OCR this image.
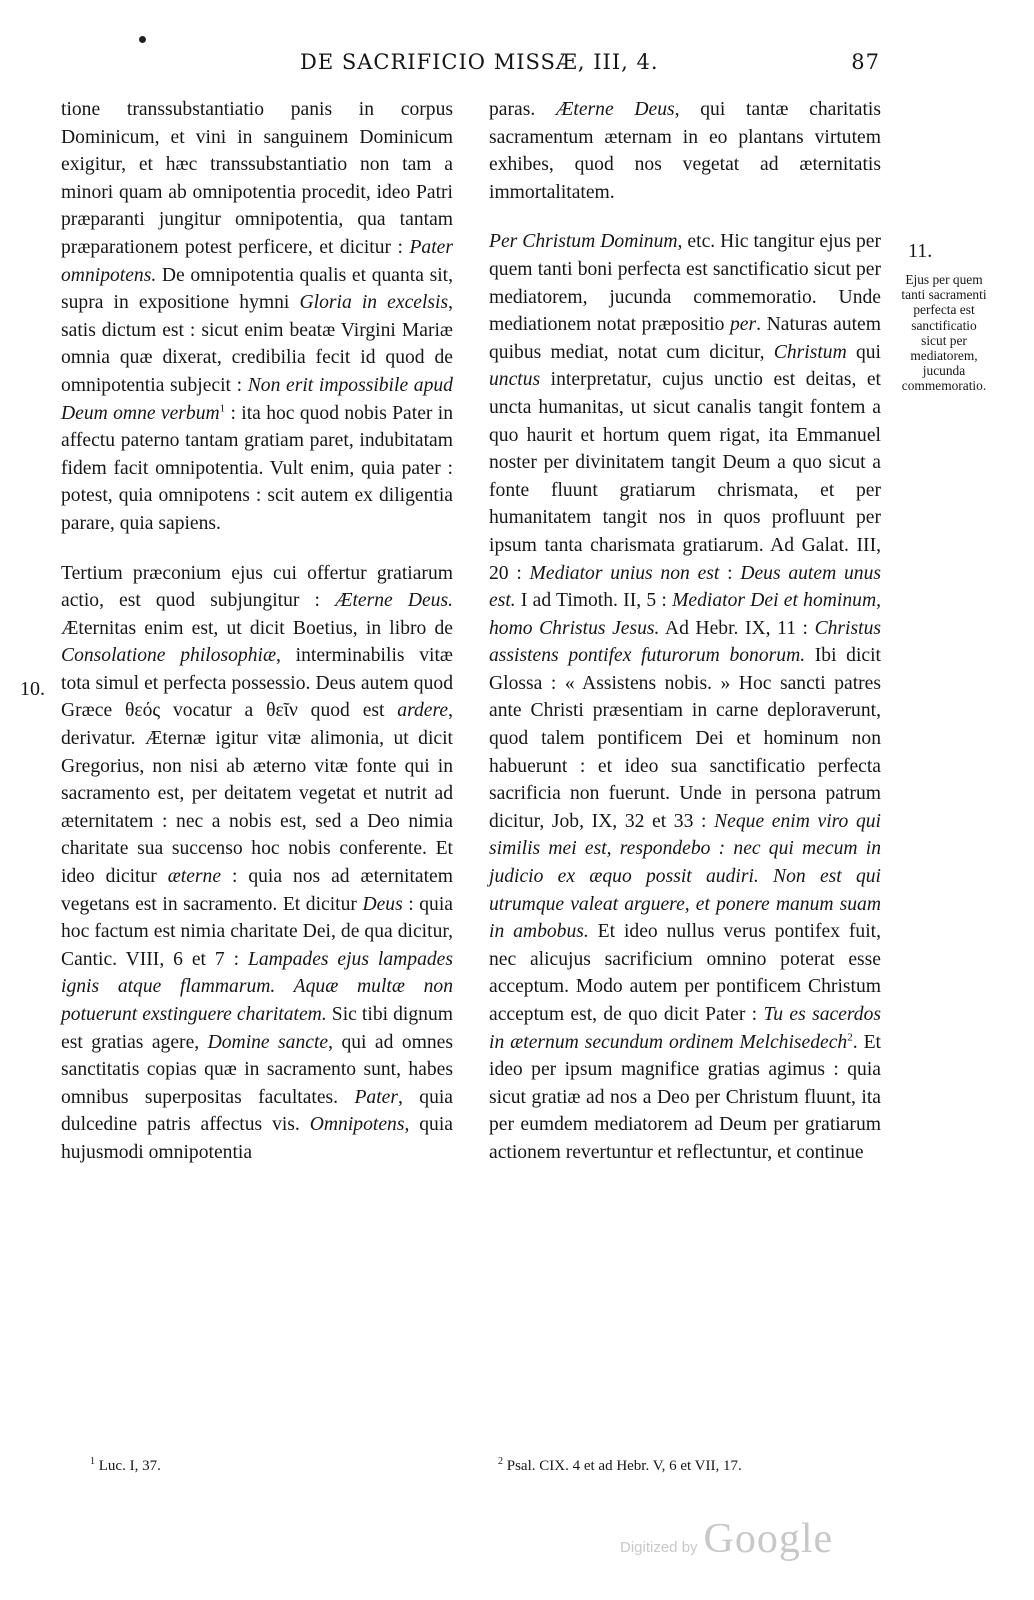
DE SACRIFICIO MISSÆ, III, 4.	87
10.
11.

tione transsubstantiatio panis in corpus Dominicum, et vini in sanguinem Dominicum exigitur, et hæc transsubstantiatio non tam a minori quam ab omnipotentia procedit, ideo Patri præparanti jungitur omnipotentia, qua tantam præparationem potest perficere, et dicitur : Pater omnipotens. De omnipotentia qualis et quanta sit, supra in expositione hymni Gloria in excelsis, satis dictum est : sicut enim beatæ Virgini Mariæ omnia quæ dixerat, credibilia fecit id quod de omnipotentia subjecit : Non erit impossibile apud Deum omne verbum$^1$ : ita hoc quod nobis Pater in affectu paterno tantam gratiam paret, indubitatam fidem facit omnipotentia. Vult enim, quia pater : potest, quia omnipotens : scit autem ex diligentia parare, quia sapiens.

Tertium præconium ejus cui offertur gratiarum actio, est quod subjungitur : Æterne Deus. Æternitas enim est, ut dicit Boetius, in libro de Consolatione philosophiæ, interminabilis vitæ tota simul et perfecta possessio. Deus autem quod Græce θεός vocatur a θεῖν quod est ardere, derivatur. Æternæ igitur vitæ alimonia, ut dicit Gregorius, non nisi ab æterno vitæ fonte qui in sacramento est, per deitatem vegetat et nutrit ad æternitatem : nec a nobis est, sed a Deo nimia charitate sua succenso hoc nobis conferente. Et ideo dicitur æterne : quia nos ad æternitatem vegetans est in sacramento. Et dicitur Deus : quia hoc factum est nimia charitate Dei, de qua dicitur, Cantic. VIII, 6 et 7 : Lampades ejus lampades ignis atque flammarum. Aquæ multæ non potuerunt exstinguere charitatem. Sic tibi dignum est gratias agere, Domine sancte, qui ad omnes sanctitatis copias quæ in sacramento sunt, habes omnibus superpositas facultates. Pater, quia dulcedine patris affectus vis. Omnipotens, quia hujusmodi omnipotentia

paras. Æterne Deus, qui tantæ charitatis sacramentum æternam in eo plantans virtutem exhibes, quod nos vegetat ad æternitatis immortalitatem.

Per Christum Dominum, etc. Hic tangitur ejus per quem tanti boni perfecta est sanctificatio sicut per mediatorem, jucunda commemoratio. Unde mediationem notat præpositio per. Naturas autem quibus mediat, notat cum dicitur, Christum qui unctus interpretatur, cujus unctio est deitas, et uncta humanitas, ut sicut canalis tangit fontem a quo haurit et hortum quem rigat, ita Emmanuel noster per divinitatem tangit Deum a quo sicut a fonte fluunt gratiarum chrismata, et per humanitatem tangit nos in quos profluunt per ipsum tanta charismata gratiarum. Ad Galat. III, 20 : Mediator unius non est : Deus autem unus est. I ad Timoth. II, 5 : Mediator Dei et hominum, homo Christus Jesus. Ad Hebr. IX, 11 : Christus assistens pontifex futurorum bonorum. Ibi dicit Glossa : « Assistens nobis. » Hoc sancti patres ante Christi præsentiam in carne deploraverunt, quod talem pontificem Dei et hominum non habuerunt : et ideo sua sanctificatio perfecta sacrificia non fuerunt. Unde in persona patrum dicitur, Job, IX, 32 et 33 : Neque enim viro qui similis mei est, respondebo : nec qui mecum in judicio ex æquo possit audiri. Non est qui utrumque valeat arguere, et ponere manum suam in ambobus. Et ideo nullus verus pontifex fuit, nec alicujus sacrificium omnino poterat esse acceptum. Modo autem per pontificem Christum acceptum est, de quo dicit Pater : Tu es sacerdos in æternum secundum ordinem Melchisedech$^2$. Et ideo per ipsum magnifice gratias agimus : quia sicut gratiæ ad nos a Deo per Christum fluunt, ita per eumdem mediatorem ad Deum per gratiarum actionem revertuntur et reflectuntur, et continue

Ejus per quem tanti sacramenti perfecta est sanctificatio sicut per mediatorem, jucunda commemoratio.
$^1$ Luc. I, 37.	$^2$ Psal. CIX. 4 et ad Hebr. V, 6 et VII, 17.
Digitized by Google
